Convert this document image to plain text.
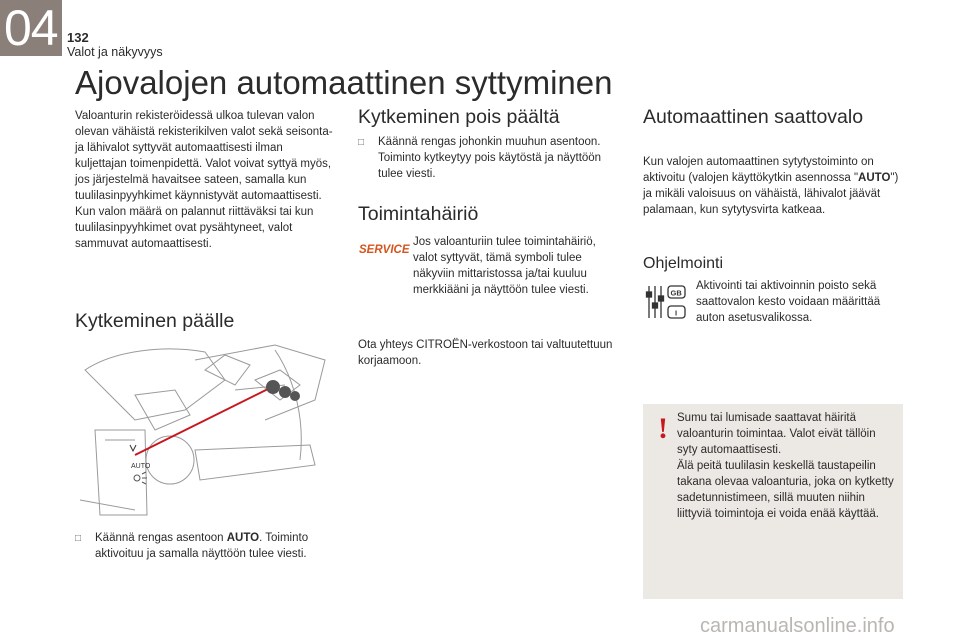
04 132
Valot ja näkyvyys
Ajovalojen automaattinen syttyminen

Valoanturin rekisteröidessä ulkoa tulevan valon olevan vähäistä rekisterikilven valot sekä seisonta- ja lähivalot syttyvät automaattisesti ilman kuljettajan toimenpidettä. Valot voivat syttyä myös, jos järjestelmä havaitsee sateen, samalla kun tuulilasinpyyhkimet käynnistyvät automaattisesti.

Kun valon määrä on palannut riittäväksi tai kun tuulilasinpyyhkimet ovat pysähtyneet, valot sammuvat automaattisesti.

Kytkeminen päälle
AUTO
□	Käännä rengas asentoon AUTO. Toiminto aktivoituu ja samalla näyttöön tulee viesti.
Kytkeminen pois päältä
□	Käännä rengas johonkin muuhun asentoon. Toiminto kytkeytyy pois käytöstä ja näyttöön tulee viesti.
Toimintahäiriö
SERVICE
Jos valoanturiin tulee toimintahäiriö, valot syttyvät, tämä symboli tulee näkyviin mittaristossa ja/tai kuuluu merkkiääni ja näyttöön tulee viesti.
Ota yhteys CITROËN-verkostoon tai valtuutettuun korjaamoon.
Automaattinen saattovalo
Kun valojen automaattinen sytytystoiminto on aktivoitu (valojen käyttökytkin asennossa "AUTO") ja mikäli valoisuus on vähäistä, lähivalot jäävät palamaan, kun sytytysvirta katkeaa.
Ohjelmointi
GB
I
Aktivointi tai aktivoinnin poisto sekä saattovalon kesto voidaan määrittää auton asetusvalikossa.
! Sumu tai lumisade saattavat häiritä valoanturin toimintaa. Valot eivät tällöin syty automaattisesti.

Älä peitä tuulilasin keskellä taustapeilin takana olevaa valoanturia, joka on kytketty sadetunnistimeen, sillä muuten niihin liittyviä toimintoja ei voida enää käyttää.

carmanualsonline.info
